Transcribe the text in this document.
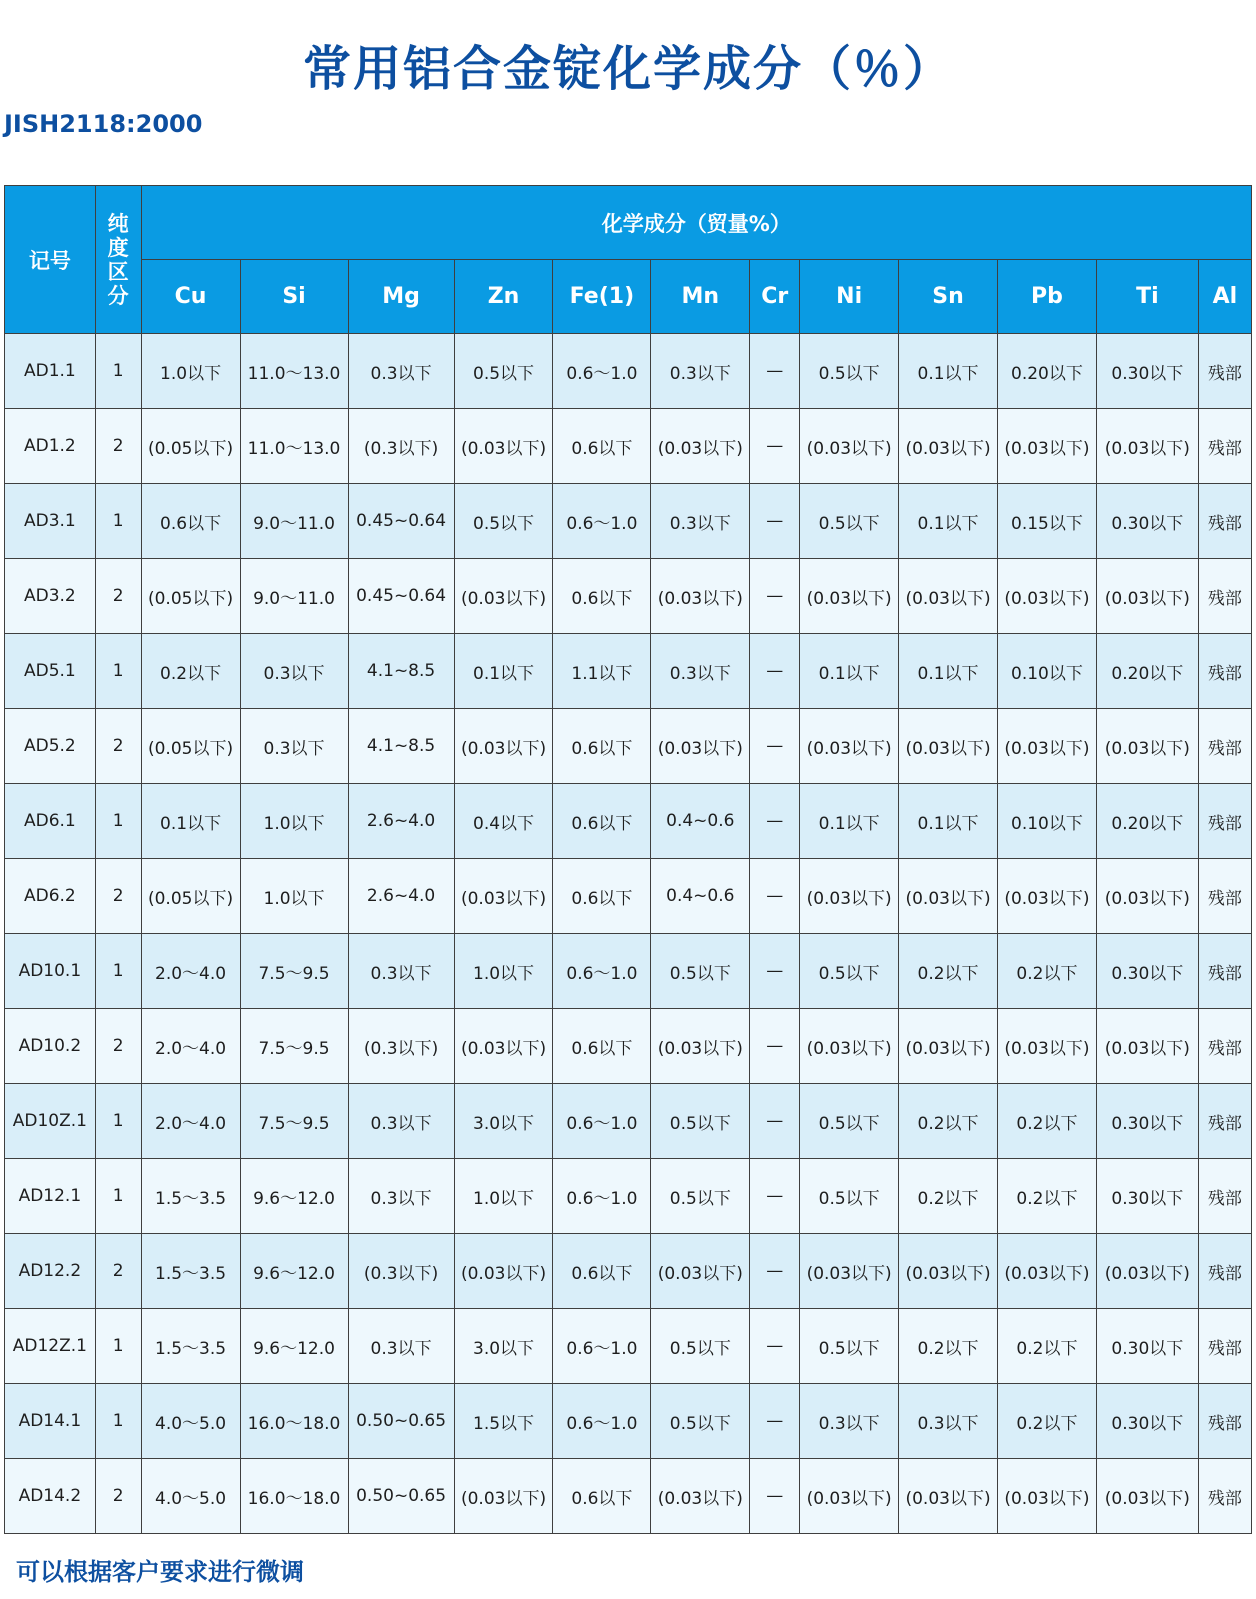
常用铝合金锭化学成分（％）
JISH2118:2000
记号	纯度区分	化学成分（贸量%）											
		Cu	Si	Mg	Zn	Fe(1)	Mn	Cr	Ni	Sn	Pb	Ti	Al
AD1.1	1	1.0以下	11.0～13.0	0.3以下	0.5以下	0.6～1.0	0.3以下	—	0.5以下	0.1以下	0.20以下	0.30以下	残部
AD1.2	2	(0.05以下)	11.0～13.0	(0.3以下)	(0.03以下)	0.6以下	(0.03以下)	—	(0.03以下)	(0.03以下)	(0.03以下)	(0.03以下)	残部
AD3.1	1	0.6以下	9.0～11.0	0.45~0.64	0.5以下	0.6～1.0	0.3以下	—	0.5以下	0.1以下	0.15以下	0.30以下	残部
AD3.2	2	(0.05以下)	9.0～11.0	0.45~0.64	(0.03以下)	0.6以下	(0.03以下)	—	(0.03以下)	(0.03以下)	(0.03以下)	(0.03以下)	残部
AD5.1	1	0.2以下	0.3以下	4.1~8.5	0.1以下	1.1以下	0.3以下	—	0.1以下	0.1以下	0.10以下	0.20以下	残部
AD5.2	2	(0.05以下)	0.3以下	4.1~8.5	(0.03以下)	0.6以下	(0.03以下)	—	(0.03以下)	(0.03以下)	(0.03以下)	(0.03以下)	残部
AD6.1	1	0.1以下	1.0以下	2.6~4.0	0.4以下	0.6以下	0.4~0.6	—	0.1以下	0.1以下	0.10以下	0.20以下	残部
AD6.2	2	(0.05以下)	1.0以下	2.6~4.0	(0.03以下)	0.6以下	0.4~0.6	—	(0.03以下)	(0.03以下)	(0.03以下)	(0.03以下)	残部
AD10.1	1	2.0～4.0	7.5～9.5	0.3以下	1.0以下	0.6～1.0	0.5以下	—	0.5以下	0.2以下	0.2以下	0.30以下	残部
AD10.2	2	2.0～4.0	7.5～9.5	(0.3以下)	(0.03以下)	0.6以下	(0.03以下)	—	(0.03以下)	(0.03以下)	(0.03以下)	(0.03以下)	残部
AD10Z.1	1	2.0～4.0	7.5～9.5	0.3以下	3.0以下	0.6～1.0	0.5以下	—	0.5以下	0.2以下	0.2以下	0.30以下	残部
AD12.1	1	1.5～3.5	9.6～12.0	0.3以下	1.0以下	0.6～1.0	0.5以下	—	0.5以下	0.2以下	0.2以下	0.30以下	残部
AD12.2	2	1.5～3.5	9.6～12.0	(0.3以下)	(0.03以下)	0.6以下	(0.03以下)	—	(0.03以下)	(0.03以下)	(0.03以下)	(0.03以下)	残部
AD12Z.1	1	1.5～3.5	9.6～12.0	0.3以下	3.0以下	0.6～1.0	0.5以下	—	0.5以下	0.2以下	0.2以下	0.30以下	残部
AD14.1	1	4.0～5.0	16.0～18.0	0.50~0.65	1.5以下	0.6～1.0	0.5以下	—	0.3以下	0.3以下	0.2以下	0.30以下	残部
AD14.2	2	4.0～5.0	16.0～18.0	0.50~0.65	(0.03以下)	0.6以下	(0.03以下)	—	(0.03以下)	(0.03以下)	(0.03以下)	(0.03以下)	残部
可以根据客户要求进行微调
